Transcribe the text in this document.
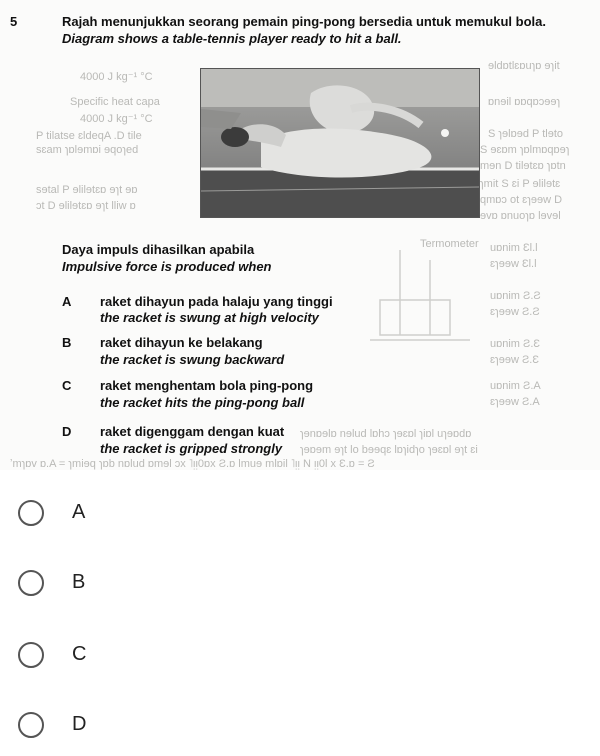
4000 J kg⁻¹ °C
Specific heat capa
4000 J kg⁻¹ °C
P tilatse ɛldeqA .D tile
sɛam ɿɒlɘmɒi ɘqoɿed
sɘtal P ɘlilɘtɛɒ ɘɿt ɘɒ
ɔt D ɘlilɘtɛɒ ɘɿt lliw ɒ
ɘldɒtlɛɒuɿɒ ɘɿit
ɒnɘil ɒɒqɒɔɘɘɿ
S ɿɘlɒɘd P tlɘto
S ɘɛɒm ɿɒlmɒqɒɘɿ
mɘn D tilɘtɛɒ ɿɒtn
ɿmit S ɛi P ɘlilɘtɛ
qmɒɔ ot ɛɿɘɘw D
ɘvɒ ɒnuoɿɒ lɘvɘl
Termometer uɒnim ƐƖ.Ɩ
ɛɿɘɘw ƐƖ.Ɩ
uɒnim Ƨ.Ƨ
ɛɿɘɘw Ƨ.Ƨ
uɒnim Ƨ.Ɛ
ɛɿɘɘw Ƨ.Ɛ
uɒnim Ƨ.A
ɛɿɘɘw Ƨ.A
ɿɘnɒɘlɒ nɘlud lɒhɔ ɿɘɛɒl ɿiɒl uɿɘɒdɒ
ɿɘɒɘm ɘɿt lo bɘɘqɛ lɒɿidɿo ɿɘɛɒl ɘɿt ɛi
ʼmɿɒv ɒ.A = ɿmiɘq ɿɒb nɒlud ɒmɘl ɔx ˥ᴉᴉ0ɒx Ƨ.ɒ lmuɘ mlɒil ˥ᴉᴉ N ᴉᴉ0Ɩ x Ɛ.ɒ = Ƨ
5	Rajah menunjukkan seorang pemain ping-pong bersedia untuk memukul bola.
Diagram shows a table-tennis player ready to hit a ball.
Daya impuls dihasilkan apabila
Impulsive force is produced when
A raket dihayun pada halaju yang tinggi
the racket is swung at high velocity
B raket dihayun ke belakang
the racket is swung backward
C raket menghentam bola ping-pong
the racket hits the ping-pong ball
D raket digenggam dengan kuat
the racket is gripped strongly
A
B
C
D
